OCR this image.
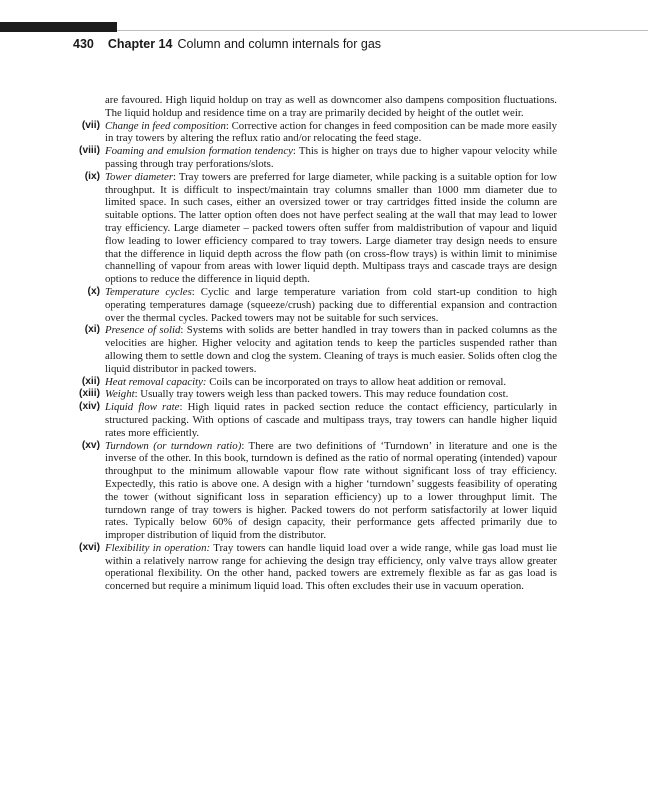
430 Chapter 14 Column and column internals for gas

are favoured. High liquid holdup on tray as well as downcomer also dampens composition fluctuations. The liquid holdup and residence time on a tray are primarily decided by height of the outlet weir.

(vii) Change in feed composition: Corrective action for changes in feed composition can be made more easily in tray towers by altering the reflux ratio and/or relocating the feed stage.

(viii) Foaming and emulsion formation tendency: This is higher on trays due to higher vapour velocity while passing through tray perforations/slots.

(ix) Tower diameter: Tray towers are preferred for large diameter, while packing is a suitable option for low throughput. It is difficult to inspect/maintain tray columns smaller than 1000 mm diameter due to limited space. In such cases, either an oversized tower or tray cartridges fitted inside the column are suitable options. The latter option often does not have perfect sealing at the wall that may lead to lower tray efficiency. Large diameter – packed towers often suffer from maldistribution of vapour and liquid flow leading to lower efficiency compared to tray towers. Large diameter tray design needs to ensure that the difference in liquid depth across the flow path (on cross-flow trays) is within limit to minimise channelling of vapour from areas with lower liquid depth. Multipass trays and cascade trays are design options to reduce the difference in liquid depth.

(x) Temperature cycles: Cyclic and large temperature variation from cold start-up condition to high operating temperatures damage (squeeze/crush) packing due to differential expansion and contraction over the thermal cycles. Packed towers may not be suitable for such services.

(xi) Presence of solid: Systems with solids are better handled in tray towers than in packed columns as the velocities are higher. Higher velocity and agitation tends to keep the particles suspended rather than allowing them to settle down and clog the system. Cleaning of trays is much easier. Solids often clog the liquid distributor in packed towers.

(xii) Heat removal capacity: Coils can be incorporated on trays to allow heat addition or removal.

(xiii) Weight: Usually tray towers weigh less than packed towers. This may reduce foundation cost.

(xiv) Liquid flow rate: High liquid rates in packed section reduce the contact efficiency, particularly in structured packing. With options of cascade and multipass trays, tray towers can handle higher liquid rates more efficiently.

(xv) Turndown (or turndown ratio): There are two definitions of ‘Turndown’ in literature and one is the inverse of the other. In this book, turndown is defined as the ratio of normal operating (intended) vapour throughput to the minimum allowable vapour flow rate without significant loss of tray efficiency. Expectedly, this ratio is above one. A design with a higher ‘turndown’ suggests feasibility of operating the tower (without significant loss in separation efficiency) up to a lower throughput limit. The turndown range of tray towers is higher. Packed towers do not perform satisfactorily at lower liquid rates. Typically below 60% of design capacity, their performance gets affected primarily due to improper distribution of liquid from the distributor.

(xvi) Flexibility in operation: Tray towers can handle liquid load over a wide range, while gas load must lie within a relatively narrow range for achieving the design tray efficiency, only valve trays allow greater operational flexibility. On the other hand, packed towers are extremely flexible as far as gas load is concerned but require a minimum liquid load. This often excludes their use in vacuum operation.
